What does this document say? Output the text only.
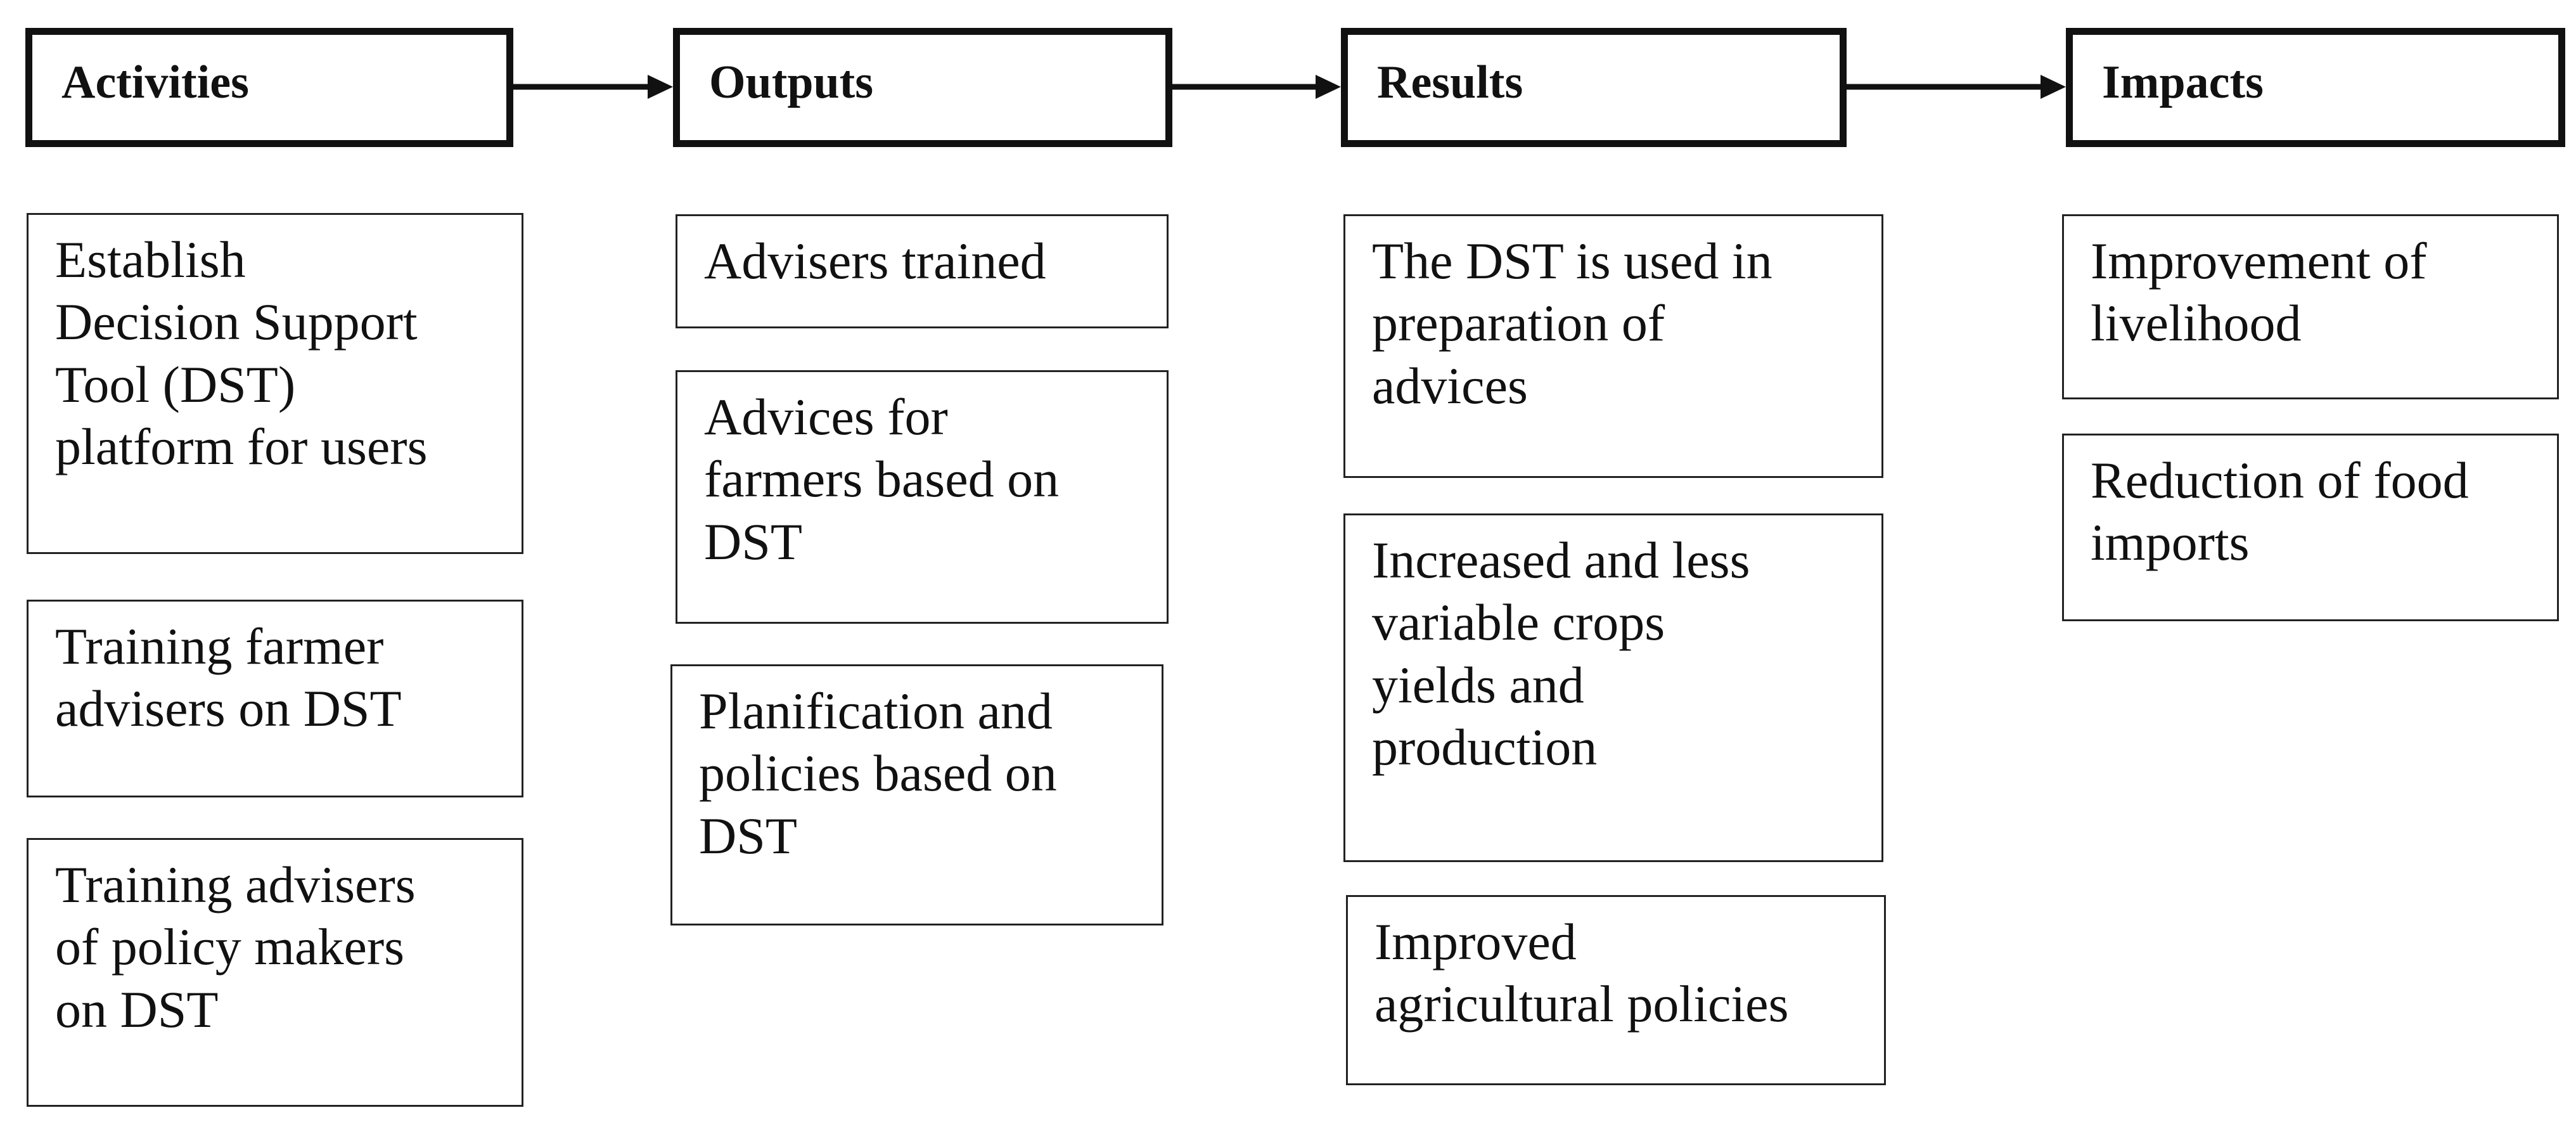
Activities	Outputs	Results	Impacts
Establish
Decision Support
Tool (DST)
platform for users
Training farmer
advisers on DST
Training advisers
of policy makers
on DST
Advisers trained
Advices for
farmers based on
DST
Planification and
policies based on
DST
The DST is used in
preparation of
advices
Increased and less
variable crops
yields and
production
Improved
agricultural policies
Improvement of
livelihood
Reduction of food
imports
